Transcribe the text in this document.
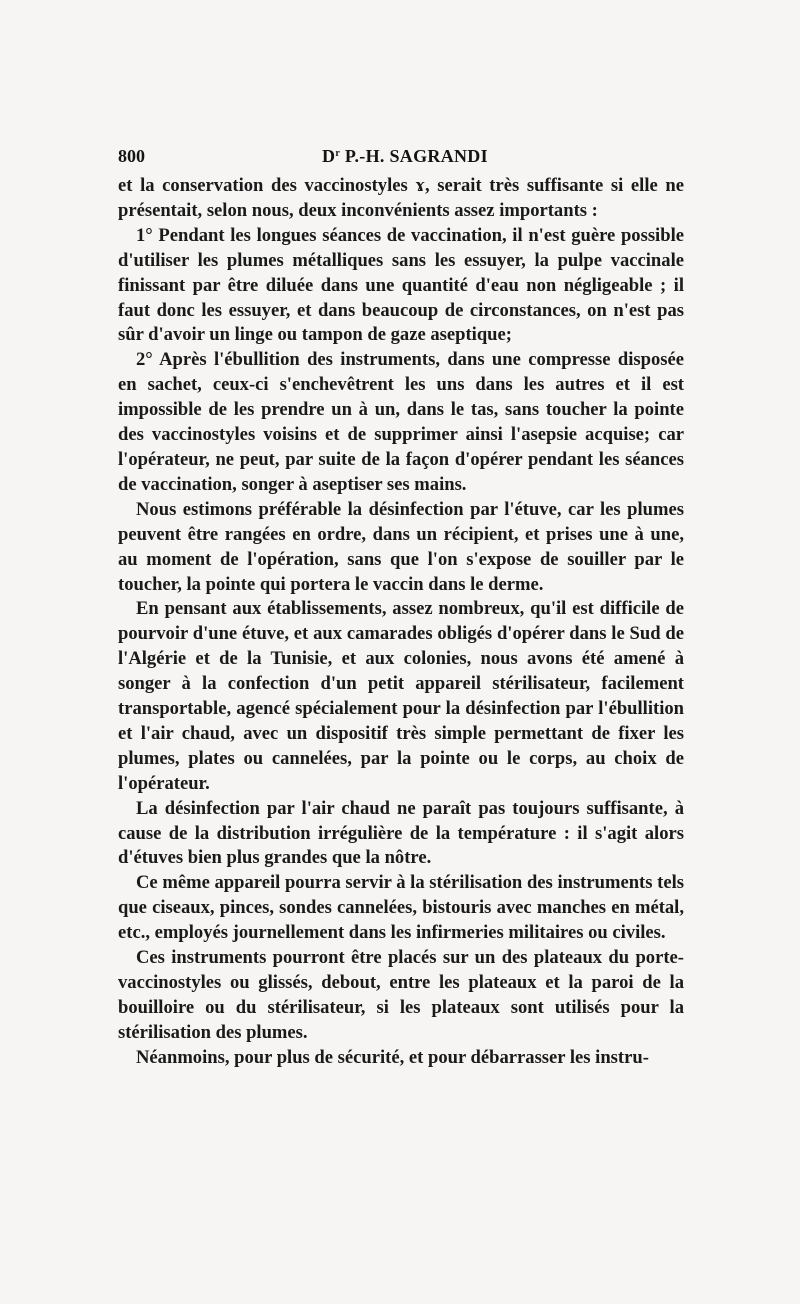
800	$D^r$ P.-H. SAGRANDI

et la conservation des vaccinostyles ɤ, serait très suffisante si elle ne présentait, selon nous, deux inconvénients assez importants :

1° Pendant les longues séances de vaccination, il n'est guère possible d'utiliser les plumes métalliques sans les essuyer, la pulpe vaccinale finissant par être diluée dans une quantité d'eau non négligeable ; il faut donc les essuyer, et dans beaucoup de circonstances, on n'est pas sûr d'avoir un linge ou tampon de gaze aseptique;

2° Après l'ébullition des instruments, dans une compresse disposée en sachet, ceux-ci s'enchevêtrent les uns dans les autres et il est impossible de les prendre un à un, dans le tas, sans toucher la pointe des vaccinostyles voisins et de supprimer ainsi l'asepsie acquise; car l'opérateur, ne peut, par suite de la façon d'opérer pendant les séances de vaccination, songer à aseptiser ses mains.

Nous estimons préférable la désinfection par l'étuve, car les plumes peuvent être rangées en ordre, dans un récipient, et prises une à une, au moment de l'opération, sans que l'on s'expose de souiller par le toucher, la pointe qui portera le vaccin dans le derme.

En pensant aux établissements, assez nombreux, qu'il est difficile de pourvoir d'une étuve, et aux camarades obligés d'opérer dans le Sud de l'Algérie et de la Tunisie, et aux colonies, nous avons été amené à songer à la confection d'un petit appareil stérilisateur, facilement transportable, agencé spécialement pour la désinfection par l'ébullition et l'air chaud, avec un dispositif très simple permettant de fixer les plumes, plates ou cannelées, par la pointe ou le corps, au choix de l'opérateur.

La désinfection par l'air chaud ne paraît pas toujours suffisante, à cause de la distribution irrégulière de la température : il s'agit alors d'étuves bien plus grandes que la nôtre.

Ce même appareil pourra servir à la stérilisation des instruments tels que ciseaux, pinces, sondes cannelées, bistouris avec manches en métal, etc., employés journellement dans les infirmeries militaires ou civiles.

Ces instruments pourront être placés sur un des plateaux du porte-vaccinostyles ou glissés, debout, entre les plateaux et la paroi de la bouilloire ou du stérilisateur, si les plateaux sont utilisés pour la stérilisation des plumes.

Néanmoins, pour plus de sécurité, et pour débarrasser les instru-
